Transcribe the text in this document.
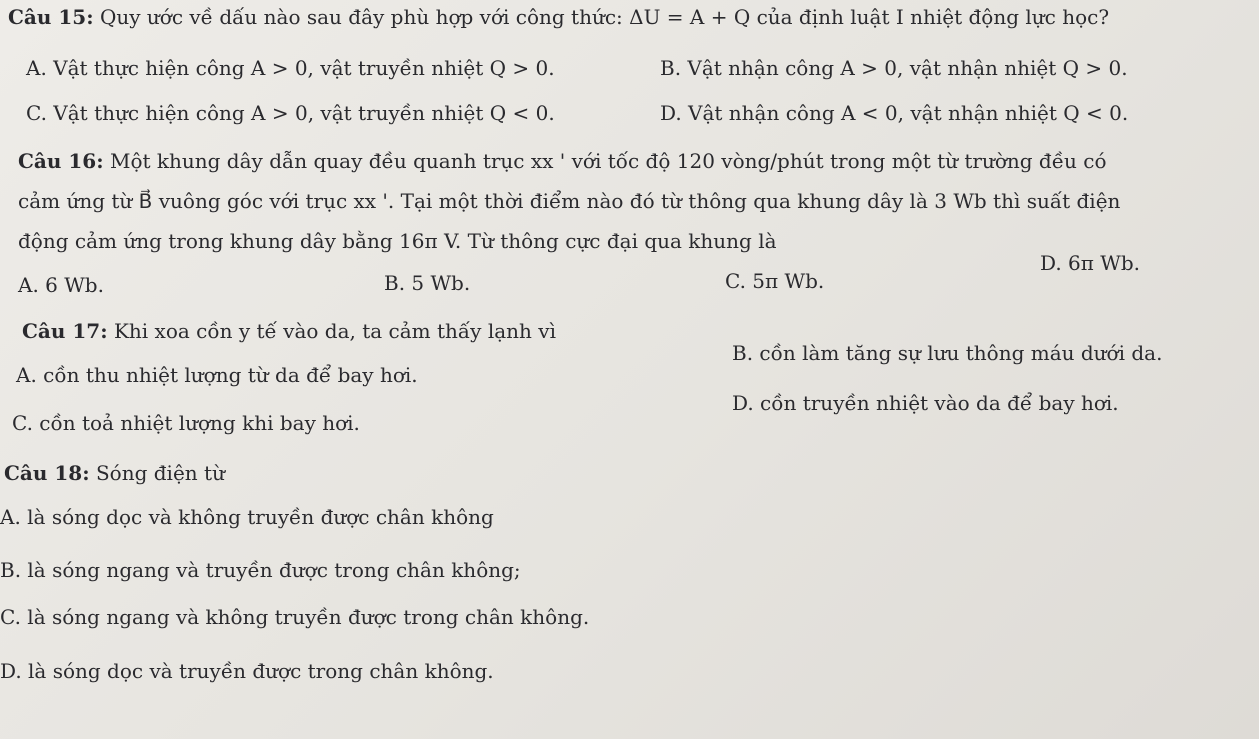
Câu 15: Quy ước về dấu nào sau đây phù hợp với công thức: ΔU = A + Q của định luật I nhiệt động lực học?
A. Vật thực hiện công A > 0, vật truyền nhiệt Q > 0.	B. Vật nhận công A > 0, vật nhận nhiệt Q > 0.
C. Vật thực hiện công A > 0, vật truyền nhiệt Q < 0.	D. Vật nhận công A < 0, vật nhận nhiệt Q < 0.
Câu 16: Một khung dây dẫn quay đều quanh trục xx ' với tốc độ 120 vòng/phút trong một từ trường đều có
cảm ứng từ B⃗ vuông góc với trục xx '. Tại một thời điểm nào đó từ thông qua khung dây là 3 Wb thì suất điện
động cảm ứng trong khung dây bằng 16π V. Từ thông cực đại qua khung là
A. 6 Wb.	B. 5 Wb.	C. 5π Wb.
D. 6π Wb.
Câu 17: Khi xoa cồn y tế vào da, ta cảm thấy lạnh vì
A. cồn thu nhiệt lượng từ da để bay hơi.
B. cồn làm tăng sự lưu thông máu dưới da.
C. cồn toả nhiệt lượng khi bay hơi.
D. cồn truyền nhiệt vào da để bay hơi.
Câu 18: Sóng điện từ
A. là sóng dọc và không truyền được chân không
B. là sóng ngang và truyền được trong chân không;
C. là sóng ngang và không truyền được trong chân không.
D. là sóng dọc và truyền được trong chân không.
